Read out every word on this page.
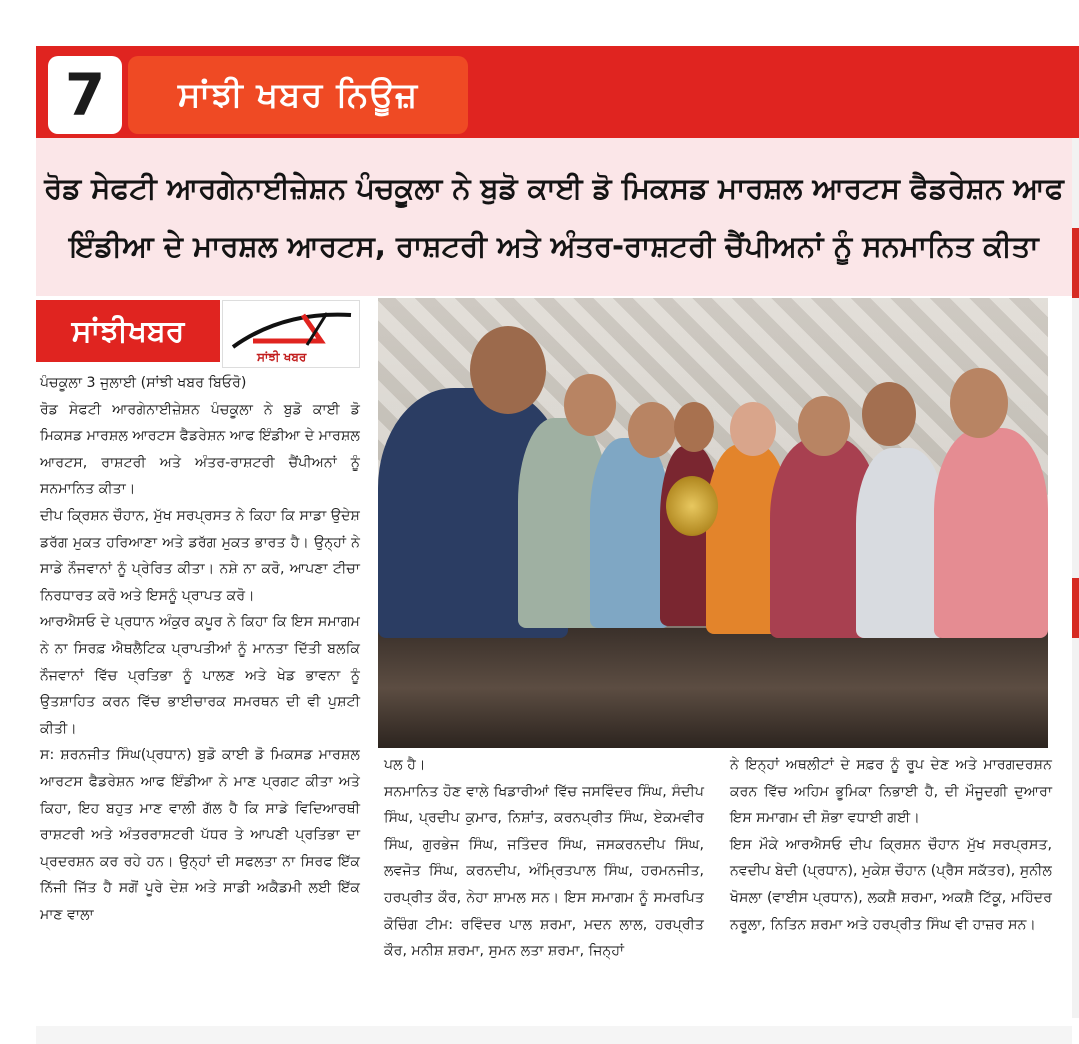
7	ਸਾਂਝੀ ਖਬਰ ਨਿਊਜ਼
ਰੋਡ ਸੇਫਟੀ ਆਰਗੇਨਾਈਜ਼ੇਸ਼ਨ ਪੰਚਕੂਲਾ ਨੇ ਬੁਡੋ ਕਾਈ ਡੋ ਮਿਕਸਡ ਮਾਰਸ਼ਲ ਆਰਟਸ ਫੈਡਰੇਸ਼ਨ ਆਫ
ਇੰਡੀਆ ਦੇ ਮਾਰਸ਼ਲ ਆਰਟਸ, ਰਾਸ਼ਟਰੀ ਅਤੇ ਅੰਤਰ-ਰਾਸ਼ਟਰੀ ਚੈਂਪੀਅਨਾਂ ਨੂੰ ਸਨਮਾਨਿਤ ਕੀਤਾ
ਸਾਂਝੀਖਬਰ
ਸਾਂਝੀ ਖਬਰ

ਪੰਚਕੂਲਾ 3 ਜੁਲਾਈ (ਸਾਂਝੀ ਖਬਰ ਬਿਓਰੋ)

ਰੋਡ ਸੇਫਟੀ ਆਰਗੇਨਾਈਜ਼ੇਸ਼ਨ ਪੰਚਕੂਲਾ ਨੇ ਬੁਡੋ ਕਾਈ ਡੋ ਮਿਕਸਡ ਮਾਰਸ਼ਲ ਆਰਟਸ ਫੈਡਰੇਸ਼ਨ ਆਫ ਇੰਡੀਆ ਦੇ ਮਾਰਸ਼ਲ ਆਰਟਸ, ਰਾਸ਼ਟਰੀ ਅਤੇ ਅੰਤਰ-ਰਾਸ਼ਟਰੀ ਚੈਂਪੀਅਨਾਂ ਨੂੰ ਸਨਮਾਨਿਤ ਕੀਤਾ।

ਦੀਪ ਕ੍ਰਿਸ਼ਨ ਚੌਹਾਨ, ਮੁੱਖ ਸਰਪ੍ਰਸਤ ਨੇ ਕਿਹਾ ਕਿ ਸਾਡਾ ਉਦੇਸ਼ ਡਰੱਗ ਮੁਕਤ ਹਰਿਆਣਾ ਅਤੇ ਡਰੱਗ ਮੁਕਤ ਭਾਰਤ ਹੈ। ਉਨ੍ਹਾਂ ਨੇ ਸਾਡੇ ਨੌਜਵਾਨਾਂ ਨੂੰ ਪ੍ਰੇਰਿਤ ਕੀਤਾ। ਨਸ਼ੇ ਨਾ ਕਰੋ, ਆਪਣਾ ਟੀਚਾ ਨਿਰਧਾਰਤ ਕਰੋ ਅਤੇ ਇਸਨੂੰ ਪ੍ਰਾਪਤ ਕਰੋ।

ਆਰਐਸਓ ਦੇ ਪ੍ਰਧਾਨ ਅੰਕੁਰ ਕਪੂਰ ਨੇ ਕਿਹਾ ਕਿ ਇਸ ਸਮਾਗਮ ਨੇ ਨਾ ਸਿਰਫ਼ ਐਥਲੈਟਿਕ ਪ੍ਰਾਪਤੀਆਂ ਨੂੰ ਮਾਨਤਾ ਦਿੱਤੀ ਬਲਕਿ ਨੌਜਵਾਨਾਂ ਵਿੱਚ ਪ੍ਰਤਿਭਾ ਨੂੰ ਪਾਲਣ ਅਤੇ ਖੇਡ ਭਾਵਨਾ ਨੂੰ ਉਤਸ਼ਾਹਿਤ ਕਰਨ ਵਿੱਚ ਭਾਈਚਾਰਕ ਸਮਰਥਨ ਦੀ ਵੀ ਪੁਸ਼ਟੀ ਕੀਤੀ।

ਸ: ਸ਼ਰਨਜੀਤ ਸਿੰਘ(ਪ੍ਰਧਾਨ) ਬੁਡੋ ਕਾਈ ਡੋ ਮਿਕਸਡ ਮਾਰਸ਼ਲ ਆਰਟਸ ਫੈਡਰੇਸ਼ਨ ਆਫ ਇੰਡੀਆ ਨੇ ਮਾਣ ਪ੍ਰਗਟ ਕੀਤਾ ਅਤੇ ਕਿਹਾ, ਇਹ ਬਹੁਤ ਮਾਣ ਵਾਲੀ ਗੱਲ ਹੈ ਕਿ ਸਾਡੇ ਵਿਦਿਆਰਥੀ ਰਾਸ਼ਟਰੀ ਅਤੇ ਅੰਤਰਰਾਸ਼ਟਰੀ ਪੱਧਰ ਤੇ ਆਪਣੀ ਪ੍ਰਤਿਭਾ ਦਾ ਪ੍ਰਦਰਸ਼ਨ ਕਰ ਰਹੇ ਹਨ। ਉਨ੍ਹਾਂ ਦੀ ਸਫਲਤਾ ਨਾ ਸਿਰਫ ਇੱਕ ਨਿੱਜੀ ਜਿੱਤ ਹੈ ਸਗੋਂ ਪੂਰੇ ਦੇਸ਼ ਅਤੇ ਸਾਡੀ ਅਕੈਡਮੀ ਲਈ ਇੱਕ ਮਾਣ ਵਾਲਾ

ਪਲ ਹੈ।

ਸਨਮਾਨਿਤ ਹੋਣ ਵਾਲੇ ਖਿਡਾਰੀਆਂ ਵਿੱਚ ਜਸਵਿੰਦਰ ਸਿੰਘ, ਸੰਦੀਪ ਸਿੰਘ, ਪ੍ਰਦੀਪ ਕੁਮਾਰ, ਨਿਸ਼ਾਂਤ, ਕਰਨਪ੍ਰੀਤ ਸਿੰਘ, ਏਕਮਵੀਰ ਸਿੰਘ, ਗੁਰਭੇਜ ਸਿੰਘ, ਜਤਿੰਦਰ ਸਿੰਘ, ਜਸਕਰਨਦੀਪ ਸਿੰਘ, ਲਵਜੋਤ ਸਿੰਘ, ਕਰਨਦੀਪ, ਅੰਮ੍ਰਿਤਪਾਲ ਸਿੰਘ, ਹਰਮਨਜੀਤ, ਹਰਪ੍ਰੀਤ ਕੌਰ, ਨੇਹਾ ਸ਼ਾਮਲ ਸਨ। ਇਸ ਸਮਾਗਮ ਨੂੰ ਸਮਰਪਿਤ ਕੋਚਿੰਗ ਟੀਮ: ਰਵਿੰਦਰ ਪਾਲ ਸ਼ਰਮਾ, ਮਦਨ ਲਾਲ, ਹਰਪ੍ਰੀਤ ਕੌਰ, ਮਨੀਸ਼ ਸ਼ਰਮਾ, ਸੁਮਨ ਲਤਾ ਸ਼ਰਮਾ, ਜਿਨ੍ਹਾਂ

ਨੇ ਇਨ੍ਹਾਂ ਅਥਲੀਟਾਂ ਦੇ ਸਫ਼ਰ ਨੂੰ ਰੂਪ ਦੇਣ ਅਤੇ ਮਾਰਗਦਰਸ਼ਨ ਕਰਨ ਵਿੱਚ ਅਹਿਮ ਭੂਮਿਕਾ ਨਿਭਾਈ ਹੈ, ਦੀ ਮੌਜੂਦਗੀ ਦੁਆਰਾ ਇਸ ਸਮਾਗਮ ਦੀ ਸ਼ੋਭਾ ਵਧਾਈ ਗਈ।

ਇਸ ਮੌਕੇ ਆਰਐਸਓ ਦੀਪ ਕ੍ਰਿਸ਼ਨ ਚੌਹਾਨ ਮੁੱਖ ਸਰਪ੍ਰਸਤ, ਨਵਦੀਪ ਬੇਦੀ (ਪ੍ਰਧਾਨ), ਮੁਕੇਸ਼ ਚੌਹਾਨ (ਪ੍ਰੈਸ ਸਕੱਤਰ), ਸੁਨੀਲ ਖੋਸਲਾ (ਵਾਈਸ ਪ੍ਰਧਾਨ), ਲਕਸ਼ੈ ਸ਼ਰਮਾ, ਅਕਸ਼ੈ ਟਿੱਕੂ, ਮਹਿੰਦਰ ਨਰੂਲਾ, ਨਿਤਿਨ ਸ਼ਰਮਾ ਅਤੇ ਹਰਪ੍ਰੀਤ ਸਿੰਘ ਵੀ ਹਾਜ਼ਰ ਸਨ।
